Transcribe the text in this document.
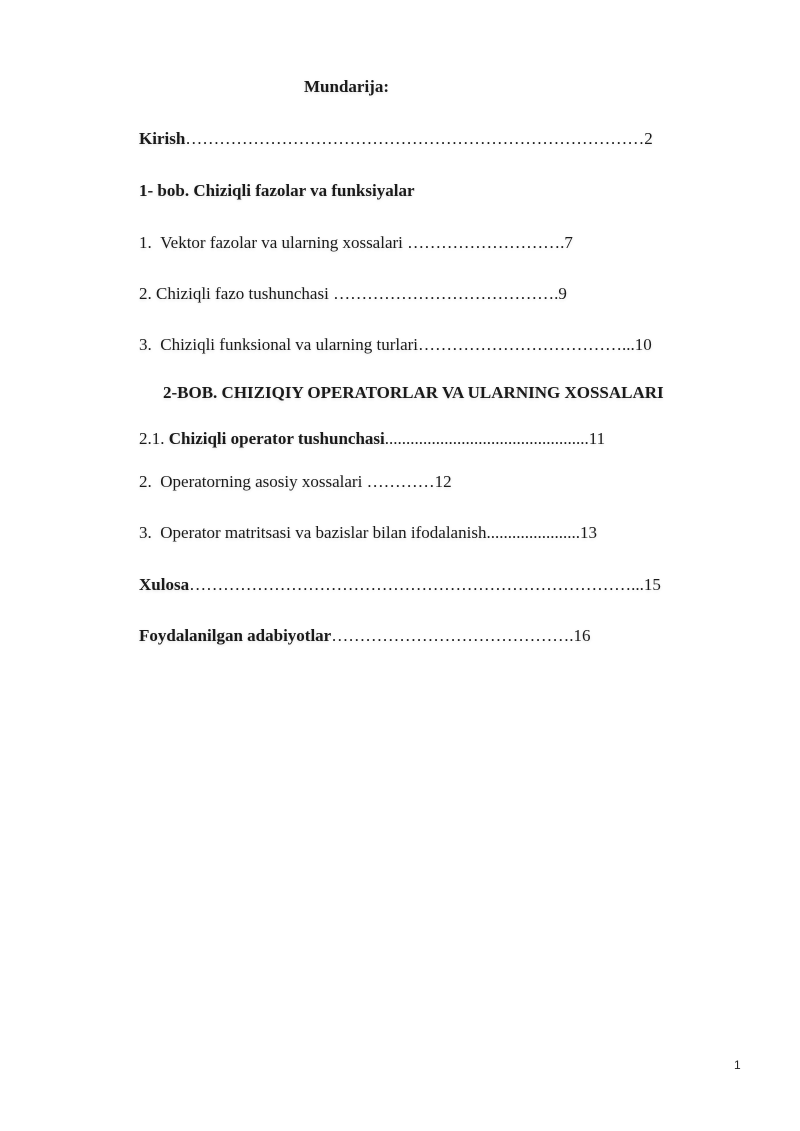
Mundarija:
Kirish………………………………………………………………………2
1- bob. Chiziqli fazolar va funksiyalar
1. Vektor fazolar va ularning xossalari ……………………….7
2. Chiziqli fazo tushunchasi ………………………………….9
3. Chiziqli funksional va ularning turlari………………………………...10
2-BOB. CHIZIQIY OPERATORLAR VA ULARNING XOSSALARI
2.1. Chiziqli operator tushunchasi................................................11
2. Operatorning asosiy xossalari …………12
3. Operator matritsasi va bazislar bilan ifodalanish......................13
Xulosa……………………………………………………………………...15
Foydalanilgan adabiyotlar…………………………………….16
1
